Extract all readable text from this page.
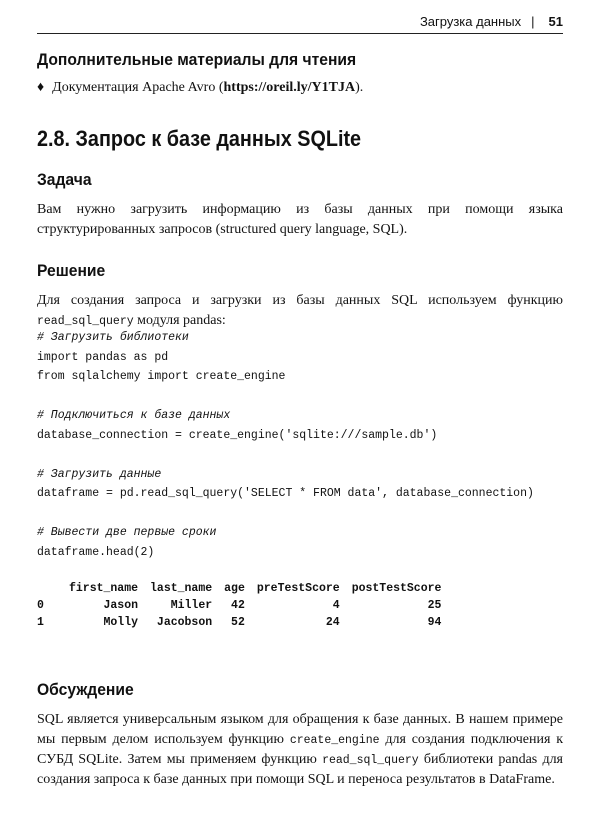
Загрузка данных | 51
Дополнительные материалы для чтения
♦ Документация Apache Avro (https://oreil.ly/Y1TJA).
2.8. Запрос к базе данных SQLite
Задача
Вам нужно загрузить информацию из базы данных при помощи языка структурированных запросов (structured query language, SQL).
Решение
Для создания запроса и загрузки из базы данных SQL используем функцию read_sql_query модуля pandas:
# Загрузить библиотеки
import pandas as pd
from sqlalchemy import create_engine

# Подключиться к базе данных
database_connection = create_engine('sqlite:///sample.db')

# Загрузить данные
dataframe = pd.read_sql_query('SELECT * FROM data', database_connection)

# Вывести две первые сроки
dataframe.head(2)
	first_name	last_name	age	preTestScore	postTestScore
0	Jason	Miller	42	4	25
1	Molly	Jacobson	52	24	94
Обсуждение
SQL является универсальным языком для обращения к базе данных. В нашем примере мы первым делом используем функцию create_engine для создания подключения к СУБД SQLite. Затем мы применяем функцию read_sql_query библиотеки pandas для создания запроса к базе данных при помощи SQL и переноса результатов в DataFrame.
